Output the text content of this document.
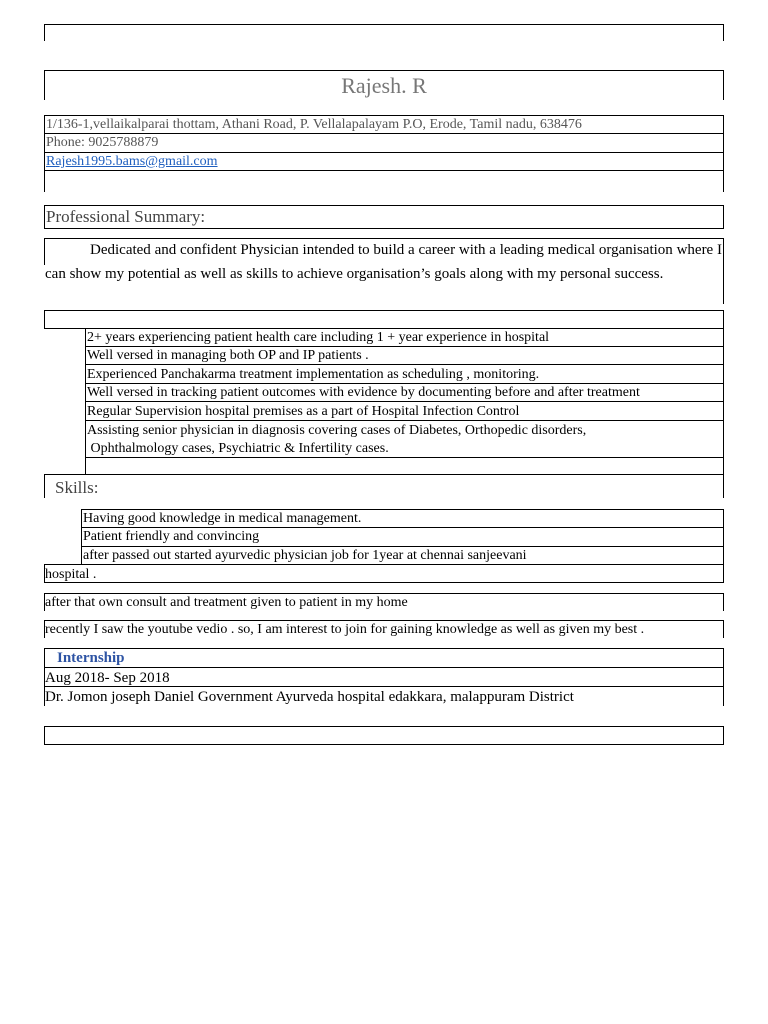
Rajesh. R
1/136-1,vellaikalparai thottam, Athani Road, P. Vellalapalayam P.O, Erode, Tamil nadu, 638476
Phone: 9025788879
Rajesh1995.bams@gmail.com
Professional Summary:
Dedicated and confident Physician intended to build a career with a leading medical organisation where I can show my potential as well as skills to achieve organisation’s goals along with my personal success.
2+ years experiencing patient health care including 1 + year experience in hospital
Well versed in managing both OP and IP patients .
Experienced Panchakarma treatment implementation as scheduling , monitoring.
Well versed in tracking patient outcomes with evidence by documenting before and after treatment
Regular Supervision hospital premises as a part of Hospital Infection Control
Assisting senior physician in diagnosis covering cases of Diabetes, Orthopedic disorders,
Ophthalmology cases, Psychiatric & Infertility cases.
Skills:
Having good knowledge in medical management.
Patient friendly and convincing
after passed out started ayurvedic physician job for 1year at chennai sanjeevani
hospital .
after that own consult and treatment given to patient in my home
recently I saw the youtube vedio . so, I am interest to join for gaining knowledge as well as given my best .
Internship
Aug 2018- Sep 2018
Dr. Jomon joseph Daniel Government Ayurveda hospital edakkara, malappuram District
